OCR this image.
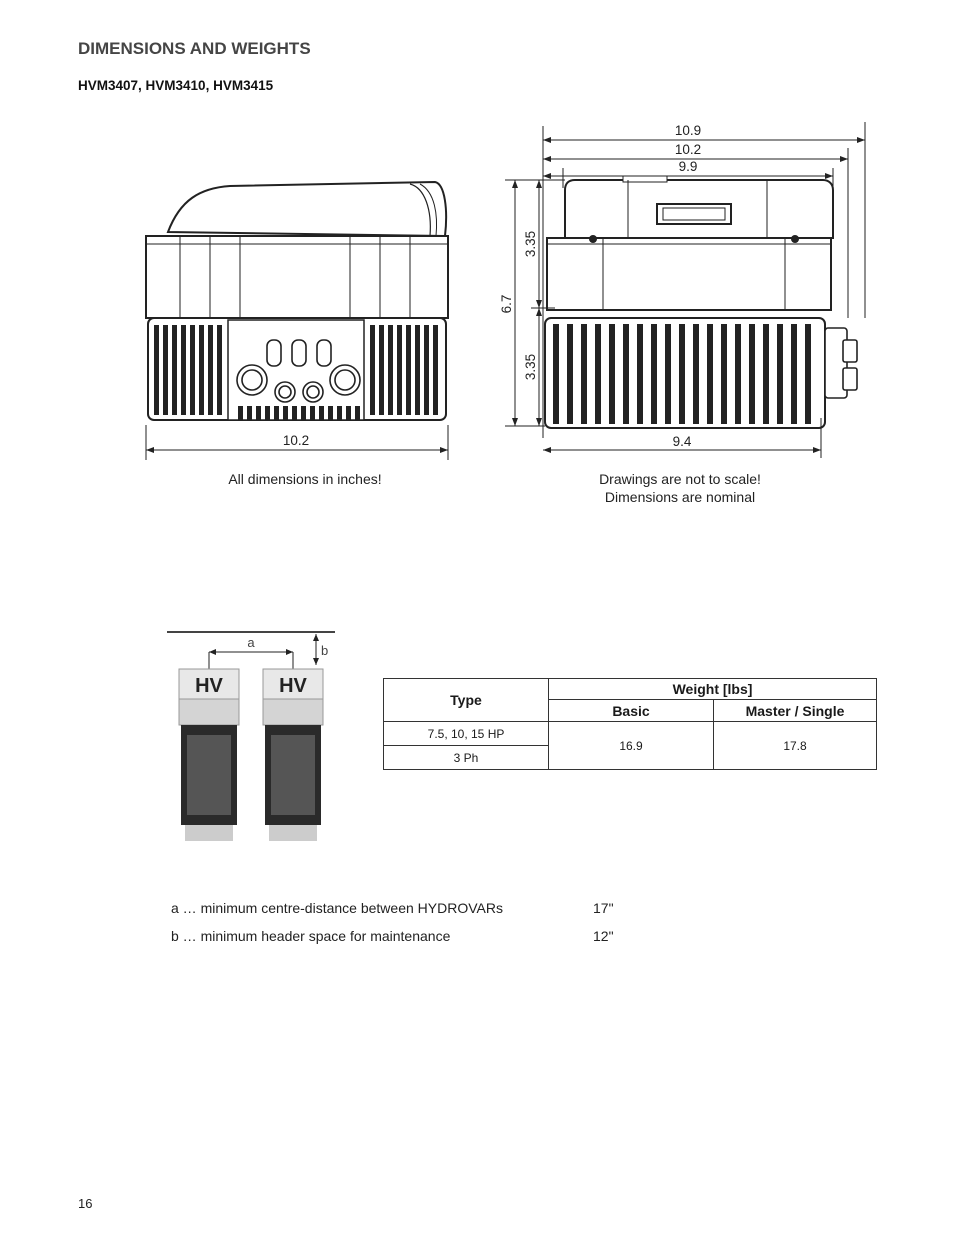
DIMENSIONS AND WEIGHTS
HVM3407, HVM3410, HVM3415
10.2
10.9
10.2
9.9
6.7
3.35
3.35
9.4
All dimensions in inches!	Drawings are not to scale!
Dimensions are nominal
b
a
HV	HV
Type	Weight [lbs]	
	Basic	Master / Single
7.5, 10, 15 HP	16.9	17.8
3 Ph		
a … minimum centre-distance between HYDROVARs	17"
b … minimum header space for maintenance	12"
16
